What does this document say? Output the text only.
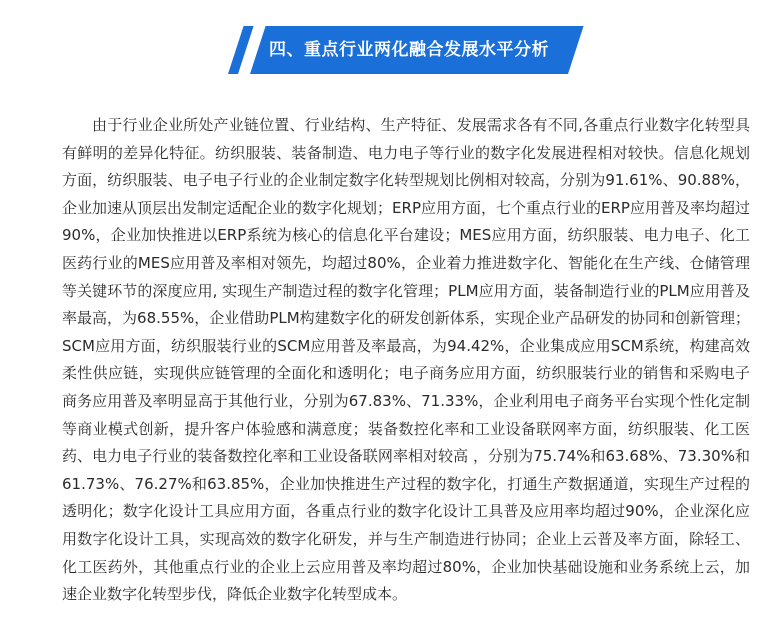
四、重点行业两化融合发展水平分析

由于行业企业所处产业链位置、行业结构、生产特征、发展需求各有不同,各重点行业数字化转型具有鲜明的差异化特征。纺织服装、装备制造、电力电子等行业的数字化发展进程相对较快。信息化规划方面，纺织服装、电子电子行业的企业制定数字化转型规划比例相对较高，分别为91.61%、90.88%，企业加速从顶层出发制定适配企业的数字化规划；ERP应用方面，七个重点行业的ERP应用普及率均超过90%，企业加快推进以ERP系统为核心的信息化平台建设；MES应用方面，纺织服装、电力电子、化工医药行业的MES应用普及率相对领先，均超过80%，企业着力推进数字化、智能化在生产线、仓储管理等关键环节的深度应用, 实现生产制造过程的数字化管理；PLM应用方面，装备制造行业的PLM应用普及率最高，为68.55%，企业借助PLM构建数字化的研发创新体系，实现企业产品研发的协同和创新管理；SCM应用方面，纺织服装行业的SCM应用普及率最高，为94.42%，企业集成应用SCM系统，构建高效柔性供应链，实现供应链管理的全面化和透明化；电子商务应用方面，纺织服装行业的销售和采购电子商务应用普及率明显高于其他行业，分别为67.83%、71.33%，企业利用电子商务平台实现个性化定制等商业模式创新，提升客户体验感和满意度；装备数控化率和工业设备联网率方面，纺织服装、化工医药、电力电子行业的装备数控化率和工业设备联网率相对较高 ，分别为75.74%和63.68%、73.30%和61.73%、76.27%和63.85%，企业加快推进生产过程的数字化，打通生产数据通道，实现生产过程的透明化；数字化设计工具应用方面，各重点行业的数字化设计工具普及应用率均超过90%，企业深化应用数字化设计工具，实现高效的数字化研发，并与生产制造进行协同；企业上云普及率方面，除轻工、化工医药外，其他重点行业的企业上云应用普及率均超过80%，企业加快基础设施和业务系统上云，加速企业数字化转型步伐，降低企业数字化转型成本。
